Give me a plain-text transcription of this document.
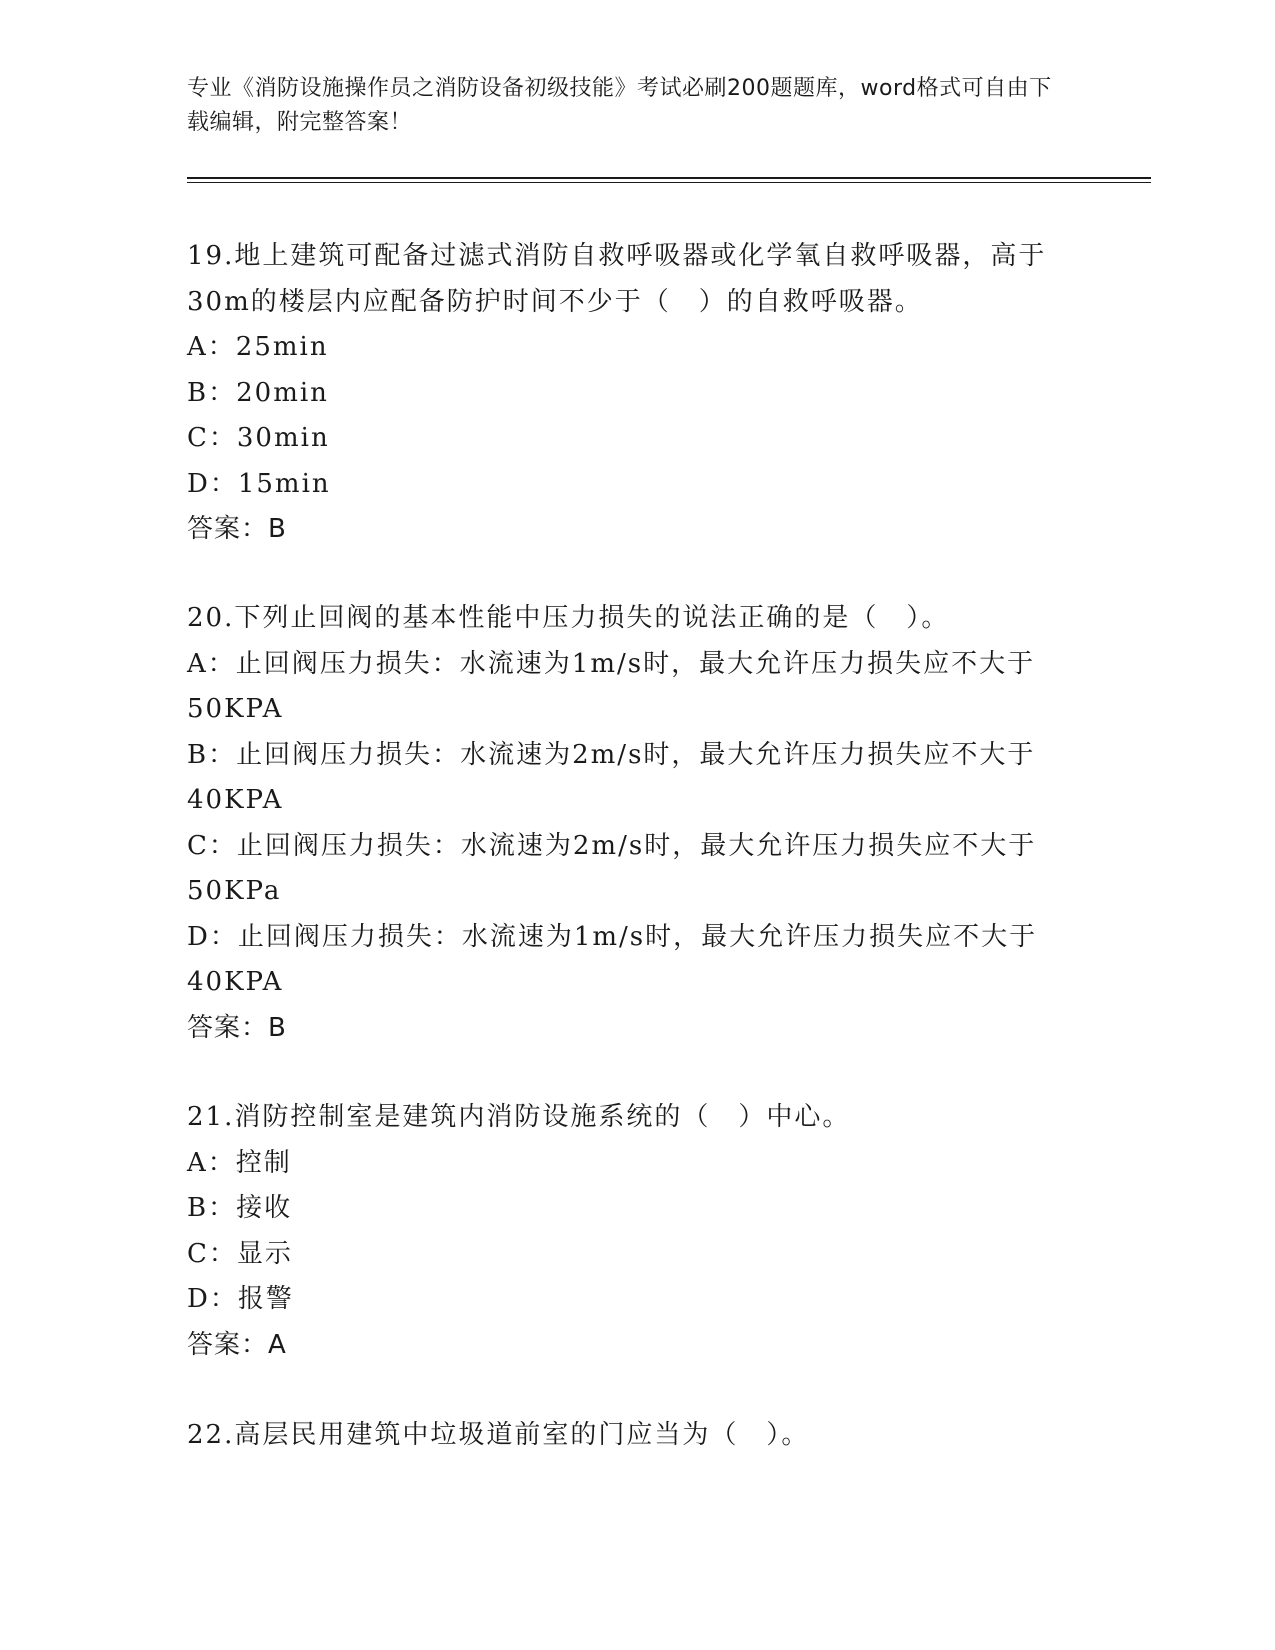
专业《消防设施操作员之消防设备初级技能》考试必刷200题题库，word格式可自由下载编辑，附完整答案！

19.地上建筑可配备过滤式消防自救呼吸器或化学氧自救呼吸器，高于30m的楼层内应配备防护时间不少于（　）的自救呼吸器。

A：25min

B：20min

C：30min

D：15min

答案：B

20.下列止回阀的基本性能中压力损失的说法正确的是（　）。

A：止回阀压力损失：水流速为1m/s时，最大允许压力损失应不大于50KPA

B：止回阀压力损失：水流速为2m/s时，最大允许压力损失应不大于40KPA

C：止回阀压力损失：水流速为2m/s时，最大允许压力损失应不大于50KPa

D：止回阀压力损失：水流速为1m/s时，最大允许压力损失应不大于40KPA

答案：B

21.消防控制室是建筑内消防设施系统的（　）中心。

A：控制

B：接收

C：显示

D：报警

答案：A

22.高层民用建筑中垃圾道前室的门应当为（　）。
